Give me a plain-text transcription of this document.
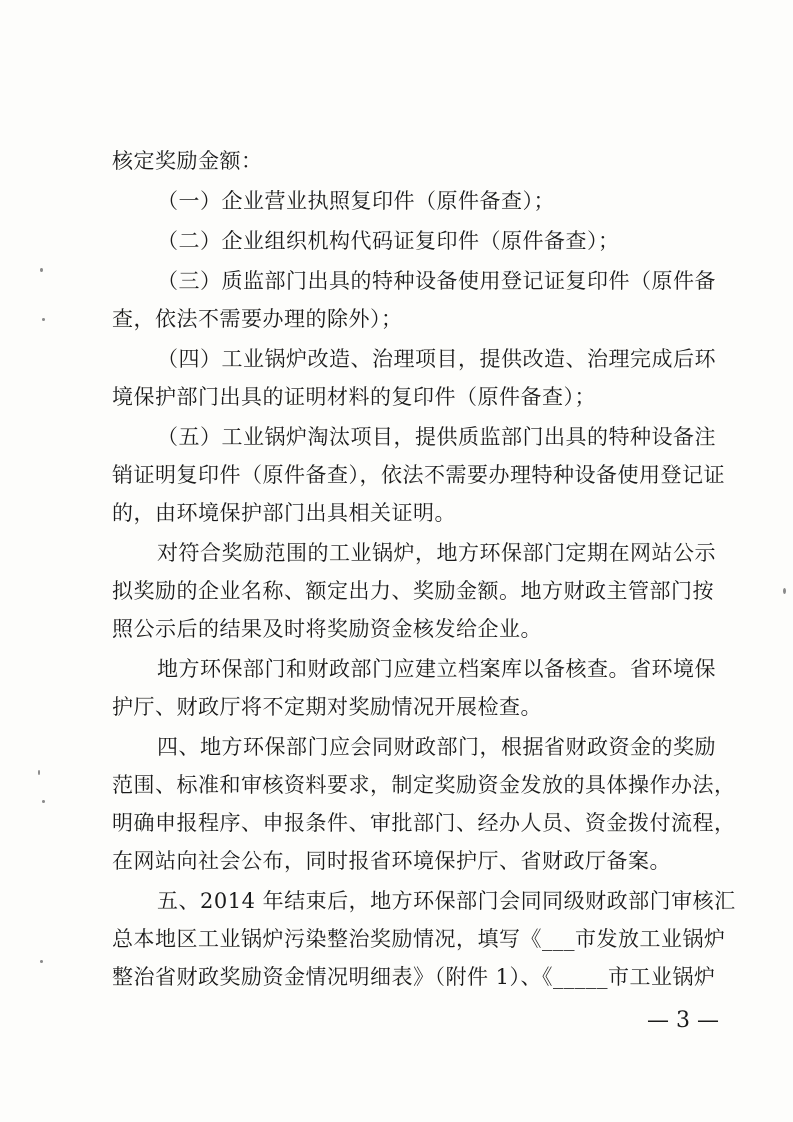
核定奖励金额：
（一）企业营业执照复印件（原件备查）；
（二）企业组织机构代码证复印件（原件备查）；
（三）质监部门出具的特种设备使用登记证复印件（原件备
查，依法不需要办理的除外）；
（四）工业锅炉改造、治理项目，提供改造、治理完成后环
境保护部门出具的证明材料的复印件（原件备查）；
（五）工业锅炉淘汰项目，提供质监部门出具的特种设备注
销证明复印件（原件备查），依法不需要办理特种设备使用登记证
的，由环境保护部门出具相关证明。
对符合奖励范围的工业锅炉，地方环保部门定期在网站公示
拟奖励的企业名称、额定出力、奖励金额。地方财政主管部门按
照公示后的结果及时将奖励资金核发给企业。
地方环保部门和财政部门应建立档案库以备核查。省环境保
护厅、财政厅将不定期对奖励情况开展检查。
四、地方环保部门应会同财政部门，根据省财政资金的奖励
范围、标准和审核资料要求，制定奖励资金发放的具体操作办法，
明确申报程序、申报条件、审批部门、经办人员、资金拨付流程，
在网站向社会公布，同时报省环境保护厅、省财政厅备案。
五、2014 年结束后，地方环保部门会同同级财政部门审核汇
总本地区工业锅炉污染整治奖励情况，填写《___市发放工业锅炉
整治省财政奖励资金情况明细表》（附件 1）、《_____市工业锅炉
— 3 —
